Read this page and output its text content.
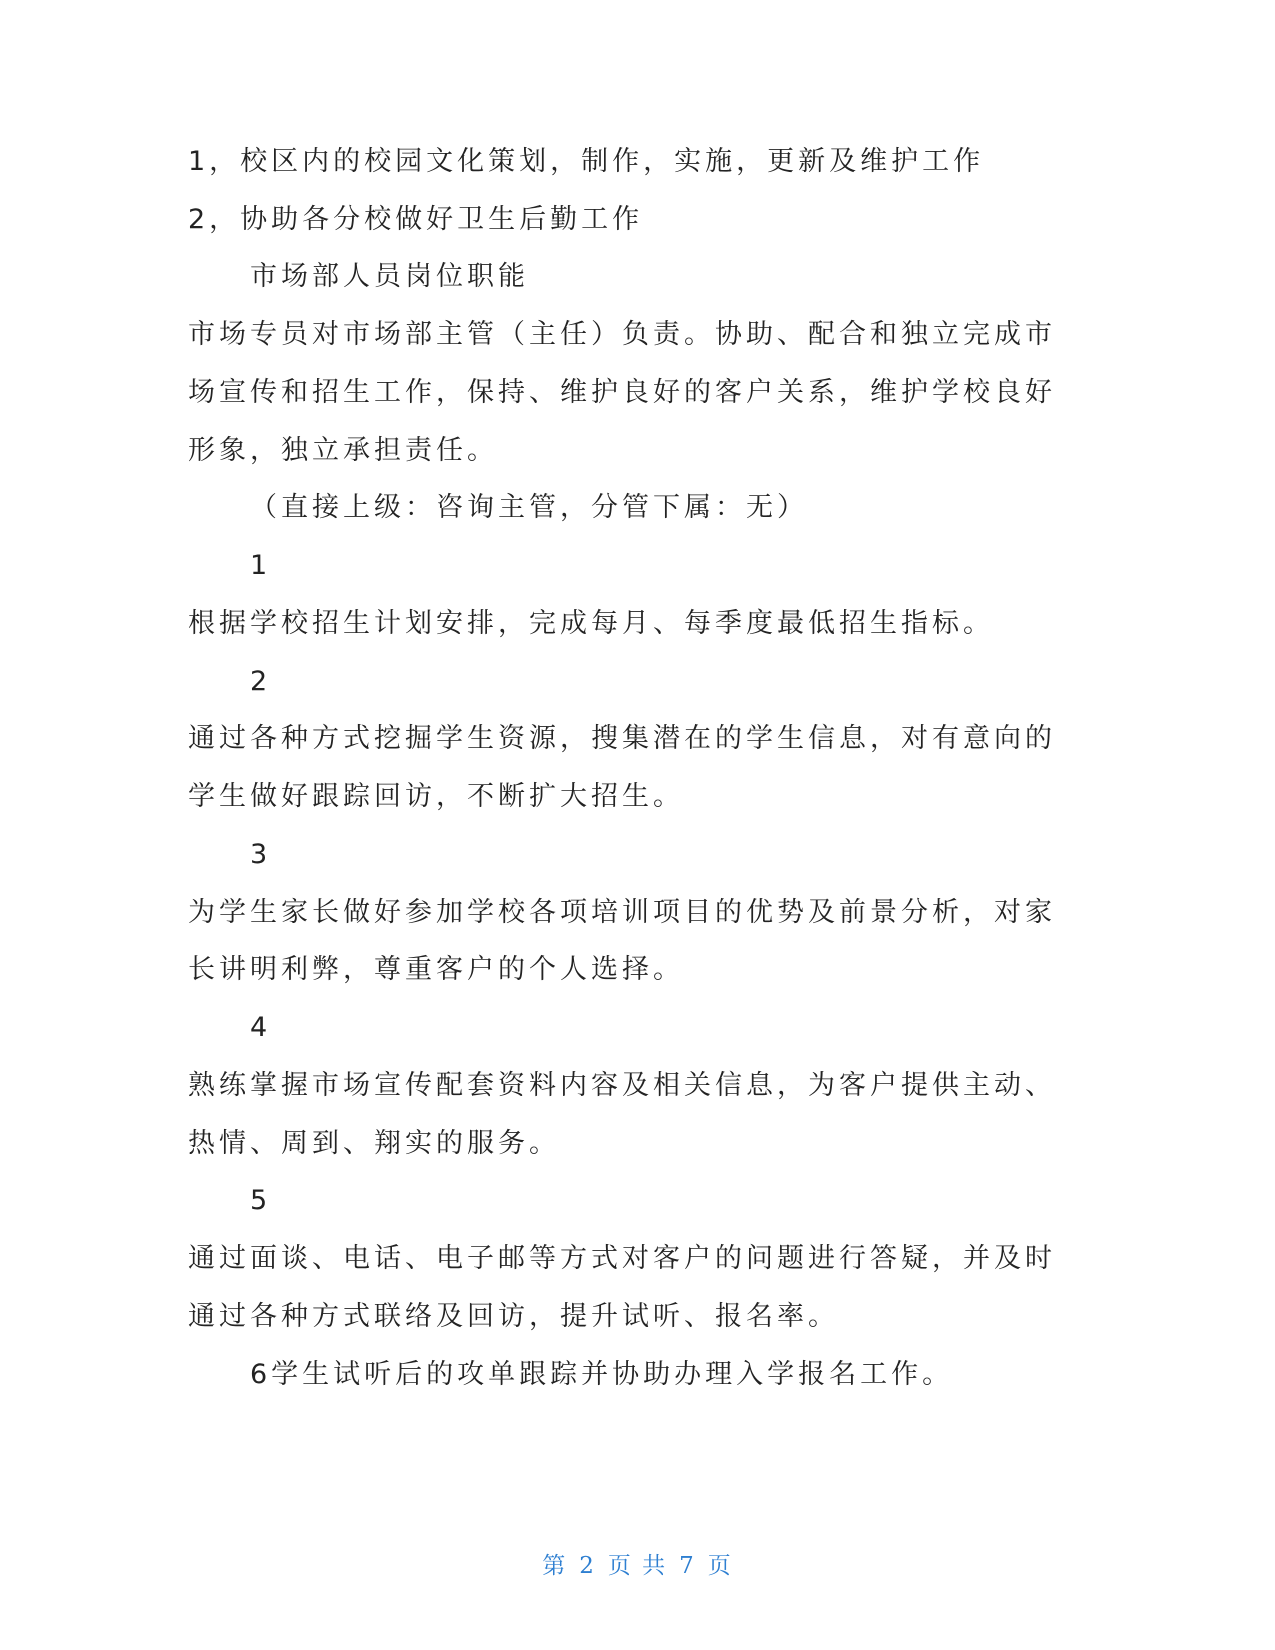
1，校区内的校园文化策划，制作，实施，更新及维护工作
2，协助各分校做好卫生后勤工作
市场部人员岗位职能
市场专员对市场部主管（主任）负责。协助、配合和独立完成市
场宣传和招生工作，保持、维护良好的客户关系，维护学校良好
形象，独立承担责任。
（直接上级：咨询主管，分管下属：无）
1
根据学校招生计划安排，完成每月、每季度最低招生指标。
2
通过各种方式挖掘学生资源，搜集潜在的学生信息，对有意向的
学生做好跟踪回访，不断扩大招生。
3
为学生家长做好参加学校各项培训项目的优势及前景分析，对家
长讲明利弊，尊重客户的个人选择。
4
熟练掌握市场宣传配套资料内容及相关信息，为客户提供主动、
热情、周到、翔实的服务。
5
通过面谈、电话、电子邮等方式对客户的问题进行答疑，并及时
通过各种方式联络及回访，提升试听、报名率。
6学生试听后的攻单跟踪并协助办理入学报名工作。
第 2 页 共 7 页
